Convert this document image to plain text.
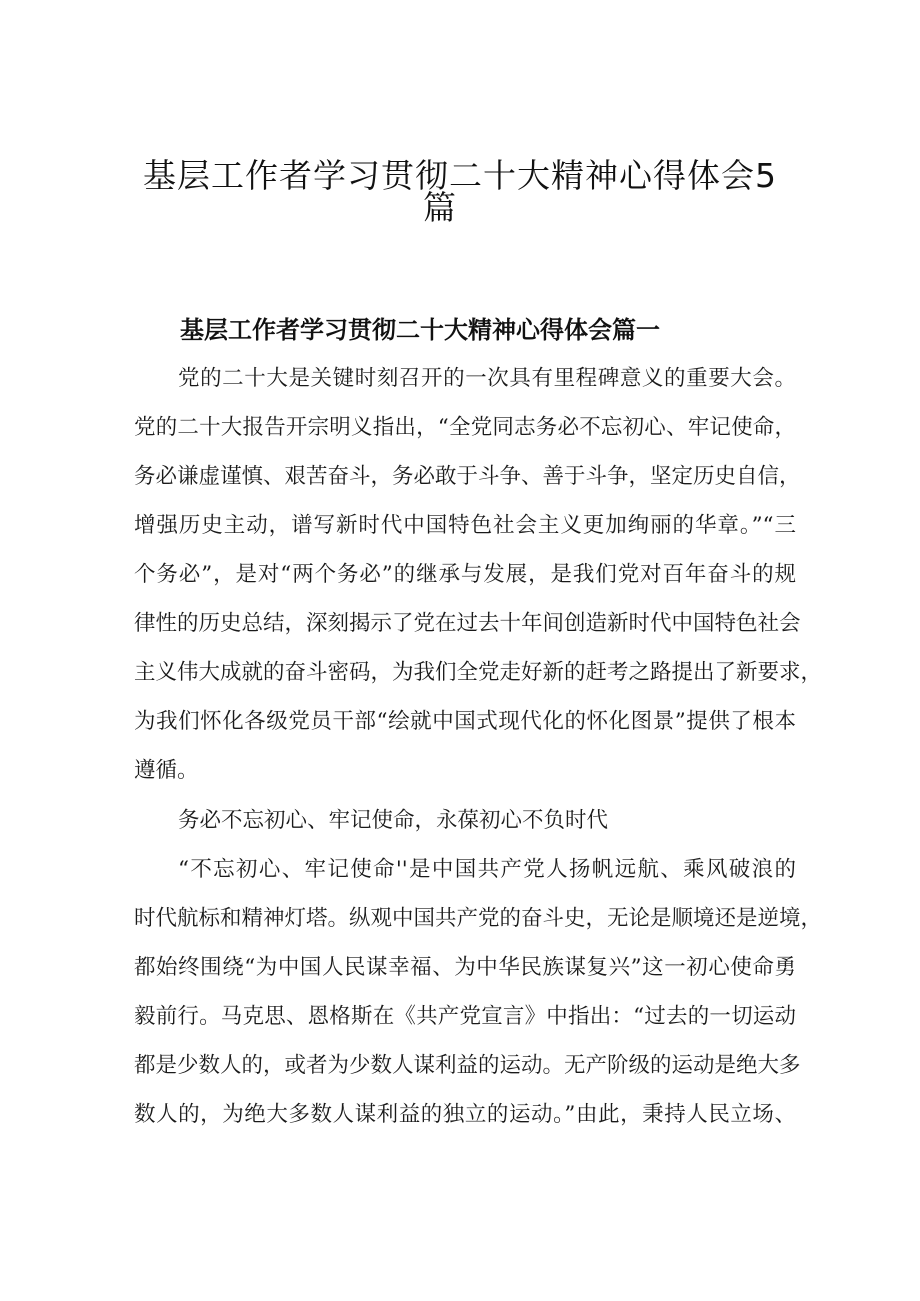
基层工作者学习贯彻二十大精神心得体会5
篇
基层工作者学习贯彻二十大精神心得体会篇一
党的二十大是关键时刻召开的一次具有里程碑意义的重要大会。
党的二十大报告开宗明义指出，“全党同志务必不忘初心、牢记使命，
务必谦虚谨慎、艰苦奋斗，务必敢于斗争、善于斗争，坚定历史自信，
增强历史主动，谱写新时代中国特色社会主义更加绚丽的华章。”“三
个务必”，是对“两个务必”的继承与发展，是我们党对百年奋斗的规
律性的历史总结，深刻揭示了党在过去十年间创造新时代中国特色社会
主义伟大成就的奋斗密码，为我们全党走好新的赶考之路提出了新要求，
为我们怀化各级党员干部“绘就中国式现代化的怀化图景”提供了根本
遵循。
务必不忘初心、牢记使命，永葆初心不负时代
“不忘初心、牢记使命''是中国共产党人扬帆远航、乘风破浪的
时代航标和精神灯塔。纵观中国共产党的奋斗史，无论是顺境还是逆境，
都始终围绕“为中国人民谋幸福、为中华民族谋复兴”这一初心使命勇
毅前行。马克思、恩格斯在《共产党宣言》中指出：“过去的一切运动
都是少数人的，或者为少数人谋利益的运动。无产阶级的运动是绝大多
数人的，为绝大多数人谋利益的独立的运动。”由此，秉持人民立场、
